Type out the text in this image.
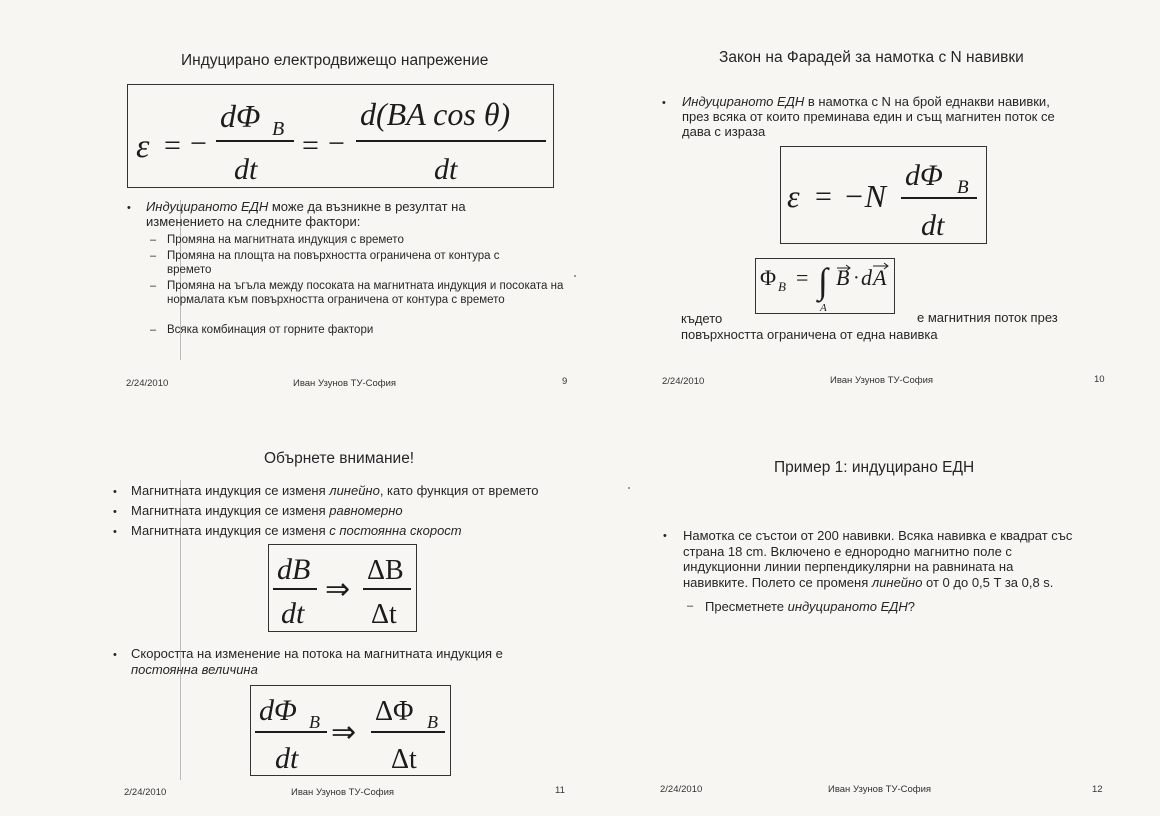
Индуцирано електродвижещо напрежение
ε = −
dΦ B
dt
= −
d(BA cos θ)
dt
• Индуцираното ЕДН може да възникне в резултат на
изменението на следните фактори:
– Промяна на магнитната индукция с времето
– Промяна на площта на повърхността ограничена от контура с времето
– Промяна на ъгъла между посоката на магнитната индукция и посоката на нормалата към повърхността ограничена от контура с времето
– Всяка комбинация от горните фактори
2/24/2010	Иван Узунов ТУ-София	9
Закон на Фарадей за намотка с N навивки
• Индуцираното ЕДН в намотка с N на брой еднакви навивки,
през всяка от които преминава един и същ магнитен поток се
дава с израза
ε = −N
dΦ B
dt
Φ B = ∫
A
B · d A
където	е магнитния поток през
повърхността ограничена от една навивка
2/24/2010	Иван Узунов ТУ-София	10
Обърнете внимание!
• Магнитната индукция се изменя линейно, като функция от времето
• Магнитната индукция се изменя равномерно
• Магнитната индукция се изменя с постоянна скорост
dB
dt
⇒
ΔB
Δt
• Скоростта на изменение на потока на магнитната индукция е
постоянна величина
dΦ B
dt
⇒
ΔΦ B
Δt
2/24/2010	Иван Узунов ТУ-София	11
Пример 1: индуцирано ЕДН
• Намотка се състои от 200 навивки. Всяка навивка е квадрат със
страна 18 cm. Включено е еднородно магнитно поле с
индукционни линии перпендикулярни на равнината на
навивките. Полето се променя линейно от 0 до 0,5 T за 0,8 s.
– Пресметнете индуцираното ЕДН?
2/24/2010	Иван Узунов ТУ-София	12
